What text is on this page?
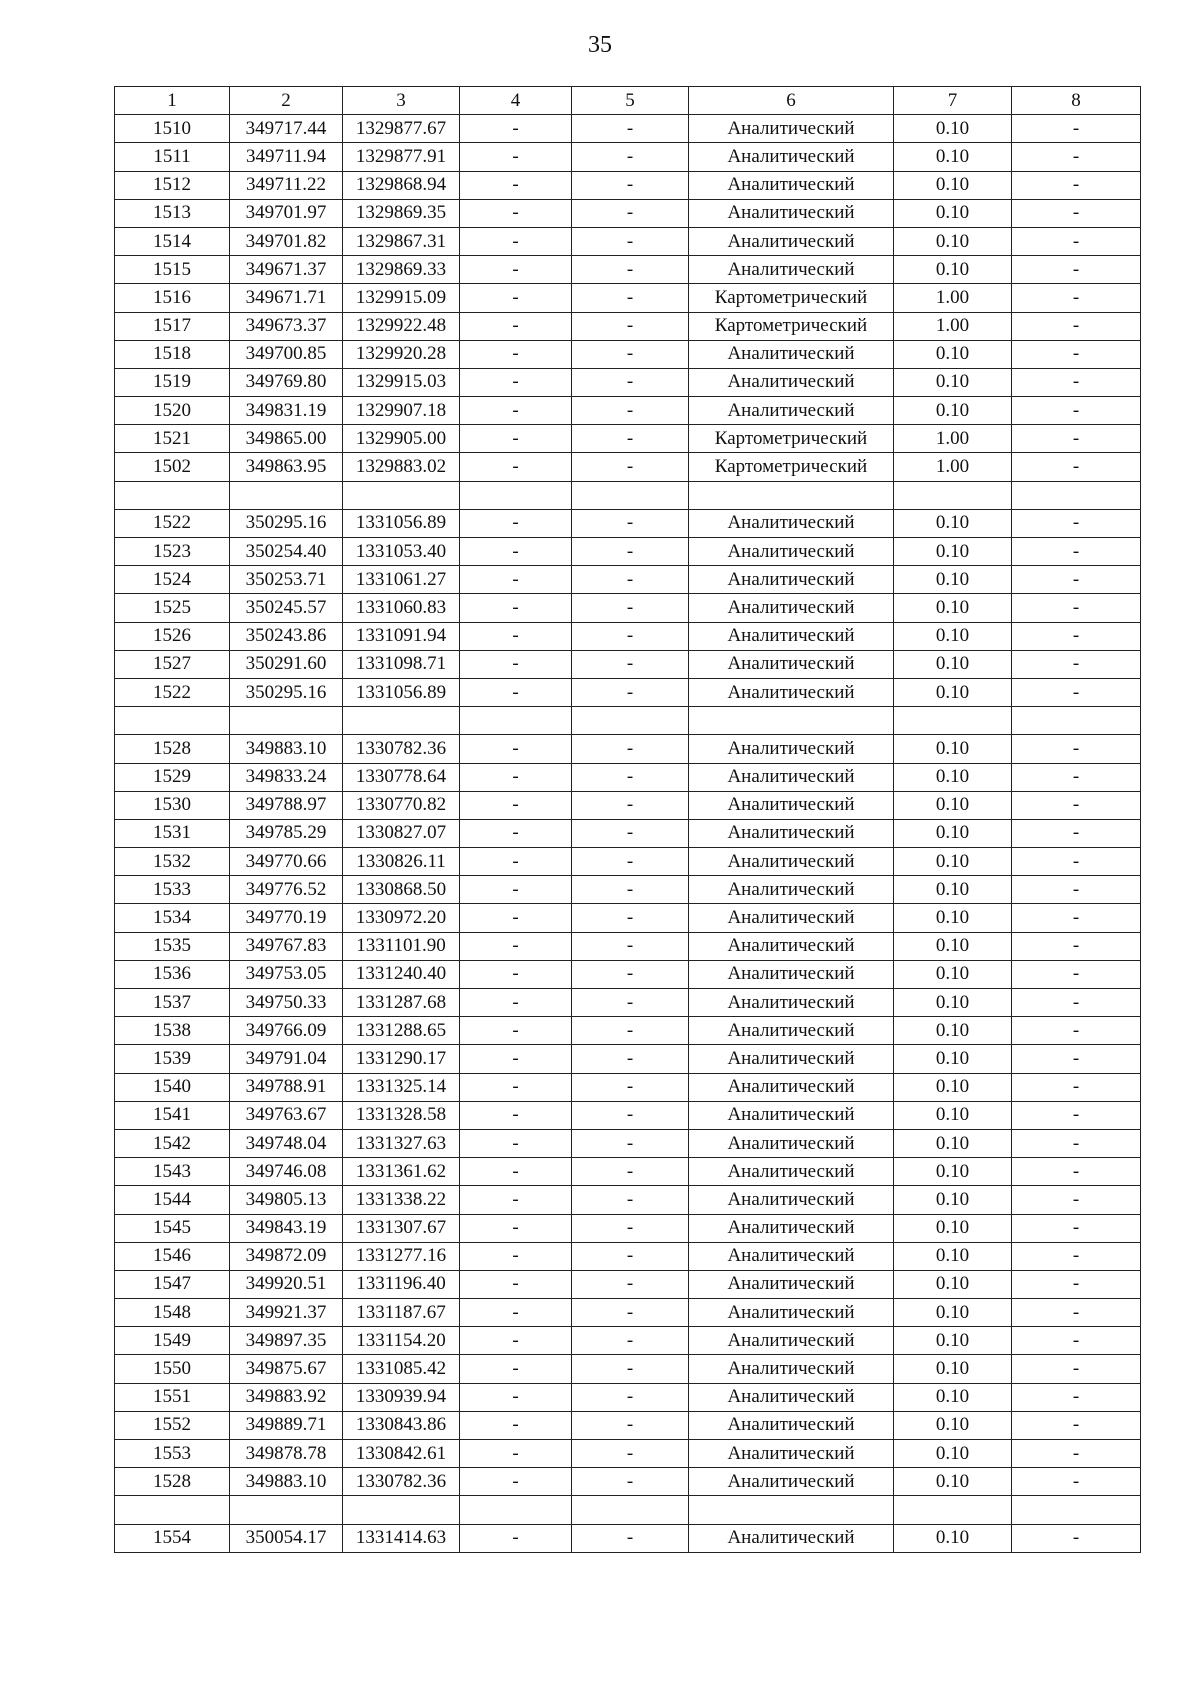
35
1	2	3	4	5	6	7	8
1510	349717.44	1329877.67	-	-	Аналитический	0.10	-
1511	349711.94	1329877.91	-	-	Аналитический	0.10	-
1512	349711.22	1329868.94	-	-	Аналитический	0.10	-
1513	349701.97	1329869.35	-	-	Аналитический	0.10	-
1514	349701.82	1329867.31	-	-	Аналитический	0.10	-
1515	349671.37	1329869.33	-	-	Аналитический	0.10	-
1516	349671.71	1329915.09	-	-	Картометрический	1.00	-
1517	349673.37	1329922.48	-	-	Картометрический	1.00	-
1518	349700.85	1329920.28	-	-	Аналитический	0.10	-
1519	349769.80	1329915.03	-	-	Аналитический	0.10	-
1520	349831.19	1329907.18	-	-	Аналитический	0.10	-
1521	349865.00	1329905.00	-	-	Картометрический	1.00	-
1502	349863.95	1329883.02	-	-	Картометрический	1.00	-

1522	350295.16	1331056.89	-	-	Аналитический	0.10	-
1523	350254.40	1331053.40	-	-	Аналитический	0.10	-
1524	350253.71	1331061.27	-	-	Аналитический	0.10	-
1525	350245.57	1331060.83	-	-	Аналитический	0.10	-
1526	350243.86	1331091.94	-	-	Аналитический	0.10	-
1527	350291.60	1331098.71	-	-	Аналитический	0.10	-
1522	350295.16	1331056.89	-	-	Аналитический	0.10	-

1528	349883.10	1330782.36	-	-	Аналитический	0.10	-
1529	349833.24	1330778.64	-	-	Аналитический	0.10	-
1530	349788.97	1330770.82	-	-	Аналитический	0.10	-
1531	349785.29	1330827.07	-	-	Аналитический	0.10	-
1532	349770.66	1330826.11	-	-	Аналитический	0.10	-
1533	349776.52	1330868.50	-	-	Аналитический	0.10	-
1534	349770.19	1330972.20	-	-	Аналитический	0.10	-
1535	349767.83	1331101.90	-	-	Аналитический	0.10	-
1536	349753.05	1331240.40	-	-	Аналитический	0.10	-
1537	349750.33	1331287.68	-	-	Аналитический	0.10	-
1538	349766.09	1331288.65	-	-	Аналитический	0.10	-
1539	349791.04	1331290.17	-	-	Аналитический	0.10	-
1540	349788.91	1331325.14	-	-	Аналитический	0.10	-
1541	349763.67	1331328.58	-	-	Аналитический	0.10	-
1542	349748.04	1331327.63	-	-	Аналитический	0.10	-
1543	349746.08	1331361.62	-	-	Аналитический	0.10	-
1544	349805.13	1331338.22	-	-	Аналитический	0.10	-
1545	349843.19	1331307.67	-	-	Аналитический	0.10	-
1546	349872.09	1331277.16	-	-	Аналитический	0.10	-
1547	349920.51	1331196.40	-	-	Аналитический	0.10	-
1548	349921.37	1331187.67	-	-	Аналитический	0.10	-
1549	349897.35	1331154.20	-	-	Аналитический	0.10	-
1550	349875.67	1331085.42	-	-	Аналитический	0.10	-
1551	349883.92	1330939.94	-	-	Аналитический	0.10	-
1552	349889.71	1330843.86	-	-	Аналитический	0.10	-
1553	349878.78	1330842.61	-	-	Аналитический	0.10	-
1528	349883.10	1330782.36	-	-	Аналитический	0.10	-

1554	350054.17	1331414.63	-	-	Аналитический	0.10	-
